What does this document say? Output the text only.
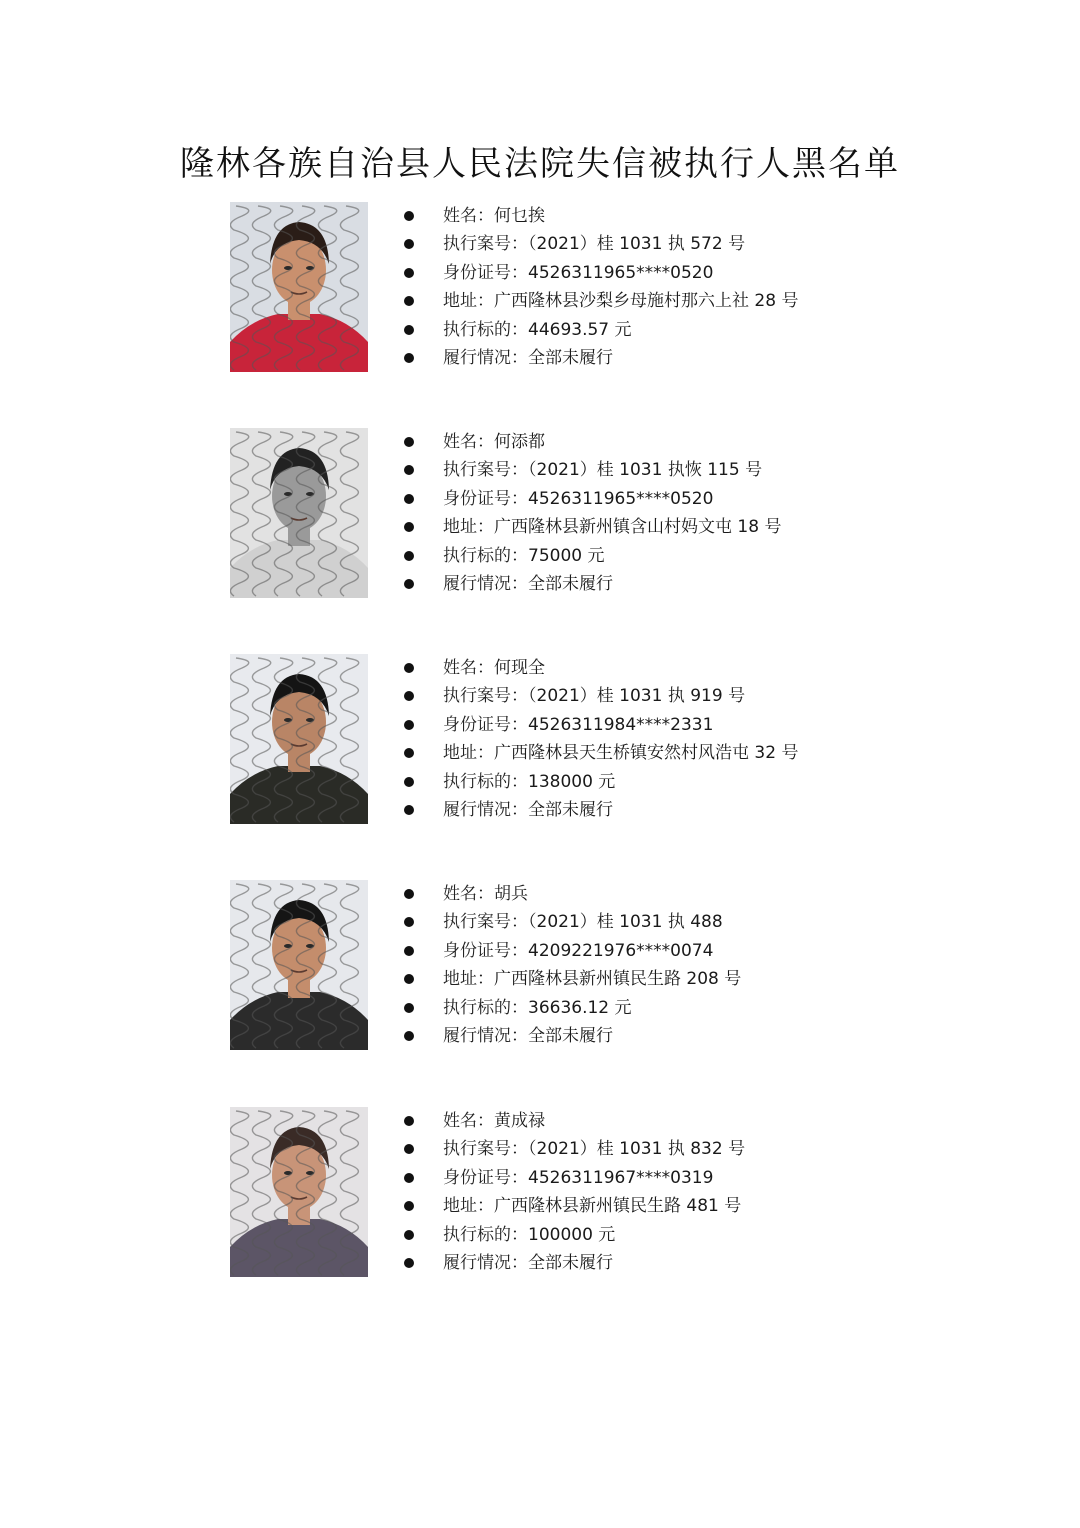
隆林各族自治县人民法院失信被执行人黑名单
姓名：何乜挨
执行案号：（2021）桂 1031 执 572 号
身份证号：4526311965****0520
地址：广西隆林县沙梨乡母施村那六上社 28 号
执行标的：44693.57 元
履行情况：全部未履行
姓名：何添都
执行案号：（2021）桂 1031 执恢 115 号
身份证号：4526311965****0520
地址：广西隆林县新州镇含山村妈文屯 18 号
执行标的：75000 元
履行情况：全部未履行
姓名：何现全
执行案号：（2021）桂 1031 执 919 号
身份证号：4526311984****2331
地址：广西隆林县天生桥镇安然村风浩屯 32 号
执行标的：138000 元
履行情况：全部未履行
姓名：胡兵
执行案号：（2021）桂 1031 执 488
身份证号：4209221976****0074
地址：广西隆林县新州镇民生路 208 号
执行标的：36636.12 元
履行情况：全部未履行
姓名：黄成禄
执行案号：（2021）桂 1031 执 832 号
身份证号：4526311967****0319
地址：广西隆林县新州镇民生路 481 号
执行标的：100000 元
履行情况：全部未履行
